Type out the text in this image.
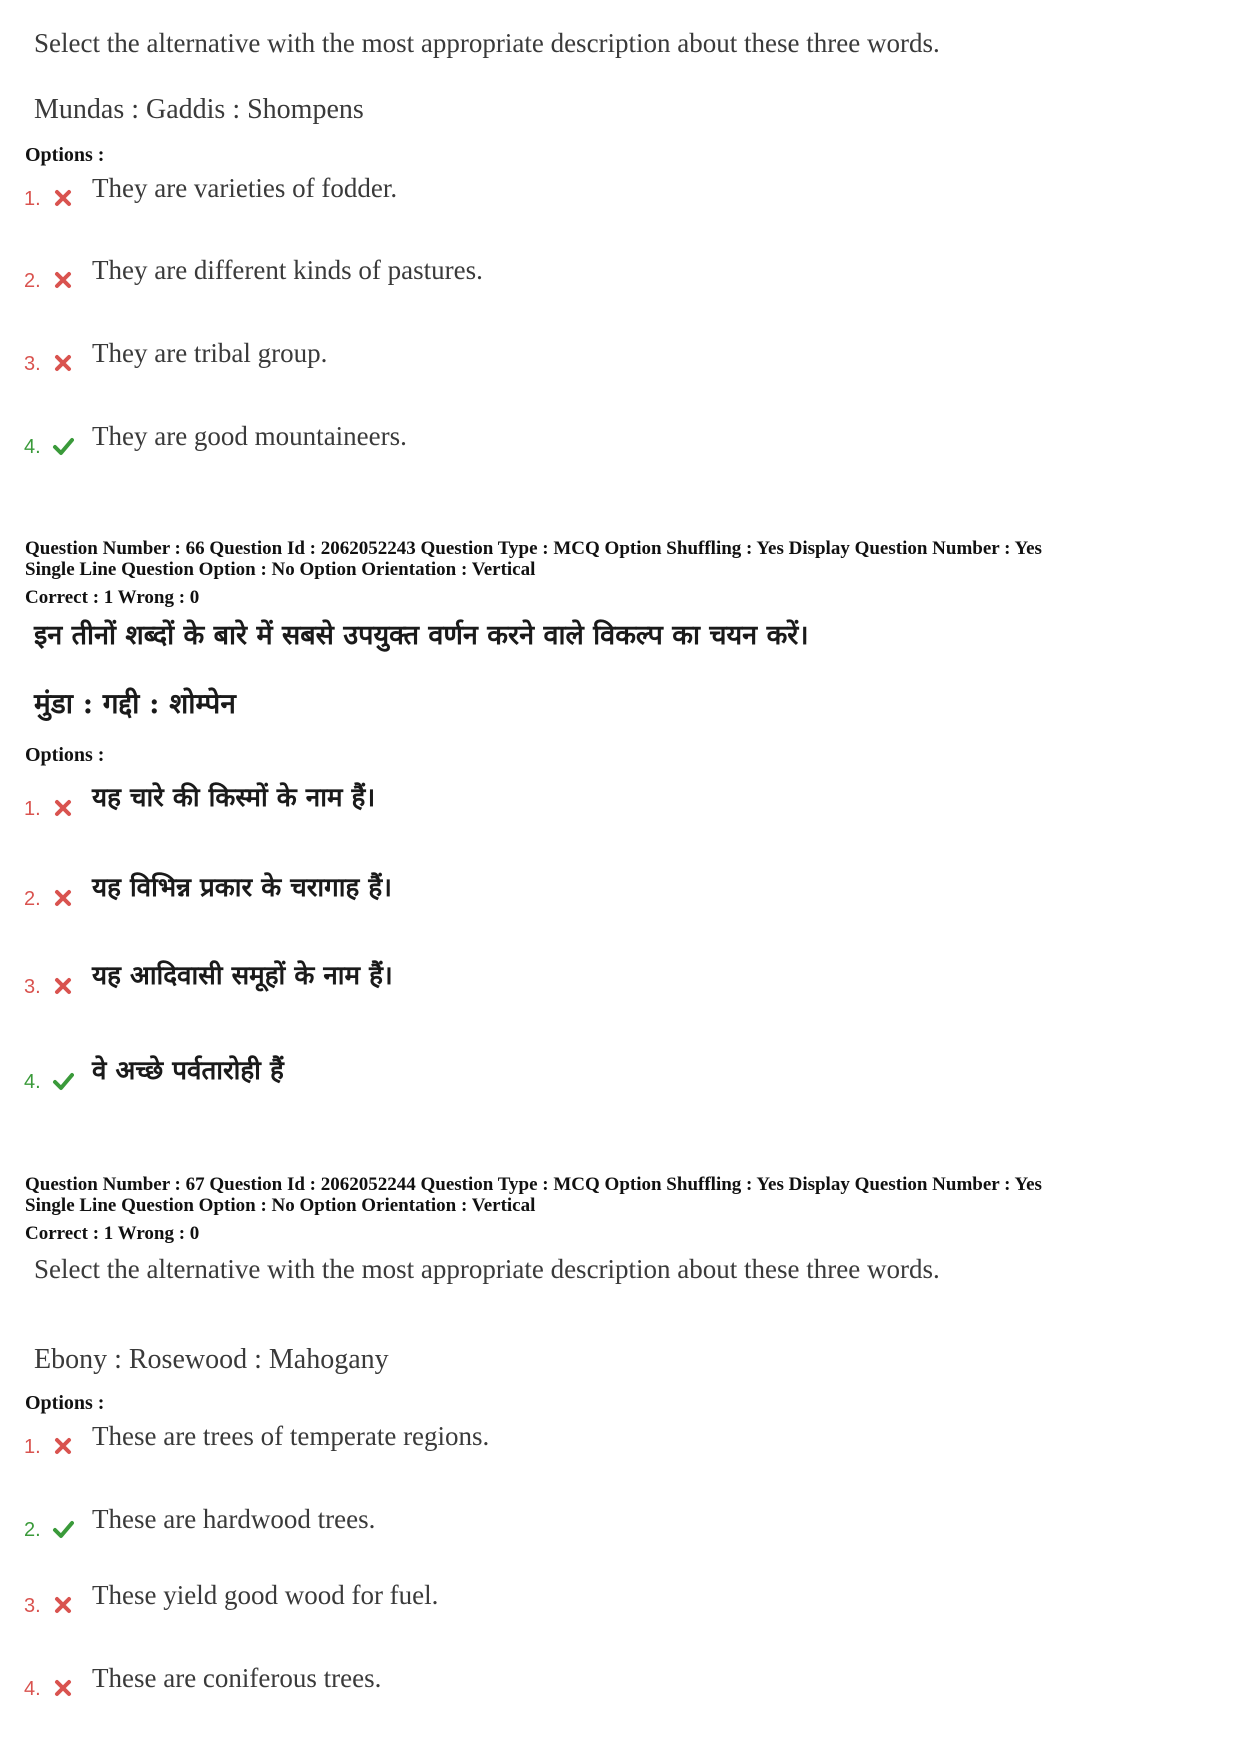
Select the alternative with the most appropriate description about these three words.
Mundas : Gaddis : Shompens
Options :
1. They are varieties of fodder.
2. They are different kinds of pastures.
3. They are tribal group.
4. They are good mountaineers.
Question Number : 66 Question Id : 2062052243 Question Type : MCQ Option Shuffling : Yes Display Question Number : Yes
Single Line Question Option : No Option Orientation : Vertical
Correct : 1 Wrong : 0
इन तीनों शब्दों के बारे में सबसे उपयुक्त वर्णन करने वाले विकल्प का चयन करें।
मुंडा : गद्दी : शोम्पेन
Options :
1. यह चारे की किस्मों के नाम हैं।
2. यह विभिन्न प्रकार के चरागाह हैं।
3. यह आदिवासी समूहों के नाम हैं।
4. वे अच्छे पर्वतारोही हैं
Question Number : 67 Question Id : 2062052244 Question Type : MCQ Option Shuffling : Yes Display Question Number : Yes
Single Line Question Option : No Option Orientation : Vertical
Correct : 1 Wrong : 0
Select the alternative with the most appropriate description about these three words.
Ebony : Rosewood : Mahogany
Options :
1. These are trees of temperate regions.
2. These are hardwood trees.
3. These yield good wood for fuel.
4. These are coniferous trees.
